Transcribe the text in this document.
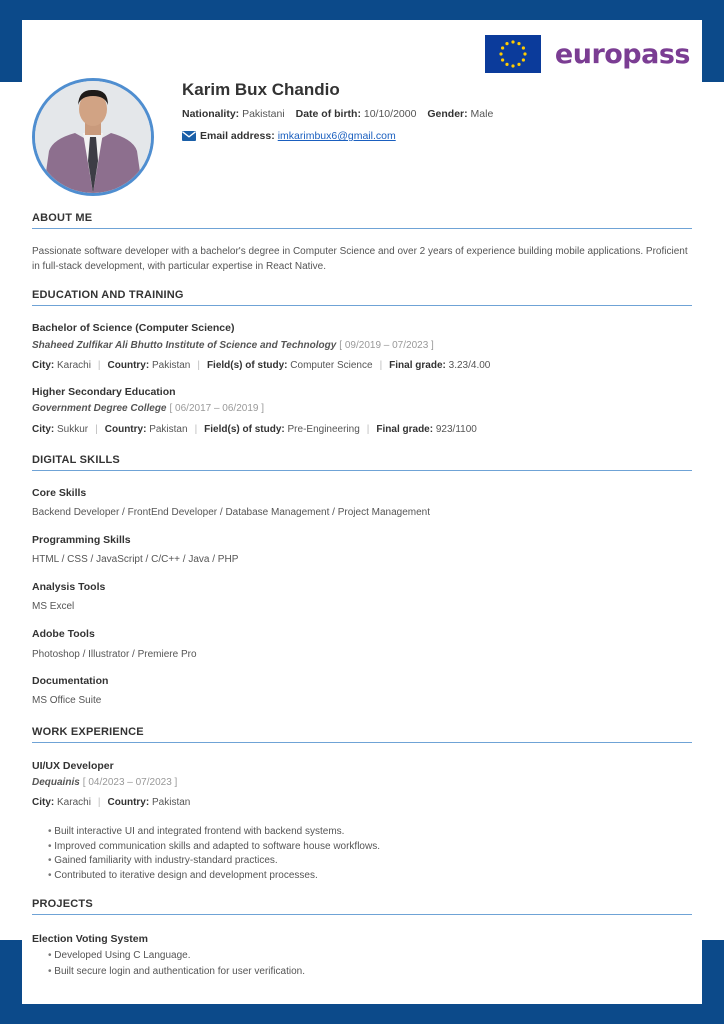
europass
Karim Bux Chandio
Nationality: Pakistani Date of birth: 10/10/2000 Gender: Male
Email address: imkarimbux6@gmail.com
ABOUT ME
Passionate software developer with a bachelor's degree in Computer Science and over 2 years of experience building mobile applications. Proficient in full-stack development, with particular expertise in React Native.
EDUCATION AND TRAINING
Bachelor of Science (Computer Science)
Shaheed Zulfikar Ali Bhutto Institute of Science and Technology [ 09/2019 – 07/2023 ]
City: Karachi | Country: Pakistan | Field(s) of study: Computer Science | Final grade: 3.23/4.00
Higher Secondary Education
Government Degree College [ 06/2017 – 06/2019 ]
City: Sukkur | Country: Pakistan | Field(s) of study: Pre-Engineering | Final grade: 923/1100
DIGITAL SKILLS
Core Skills
Backend Developer / FrontEnd Developer / Database Management / Project Management
Programming Skills
HTML / CSS / JavaScript / C/C++ / Java / PHP
Analysis Tools
MS Excel
Adobe Tools
Photoshop / Illustrator / Premiere Pro
Documentation
MS Office Suite
WORK EXPERIENCE
UI/UX Developer
Dequainis [ 04/2023 – 07/2023 ]
City: Karachi | Country: Pakistan
• Built interactive UI and integrated frontend with backend systems.
• Improved communication skills and adapted to software house workflows.
• Gained familiarity with industry-standard practices.
• Contributed to iterative design and development processes.
PROJECTS
Election Voting System
• Developed Using C Language.
• Built secure login and authentication for user verification.
